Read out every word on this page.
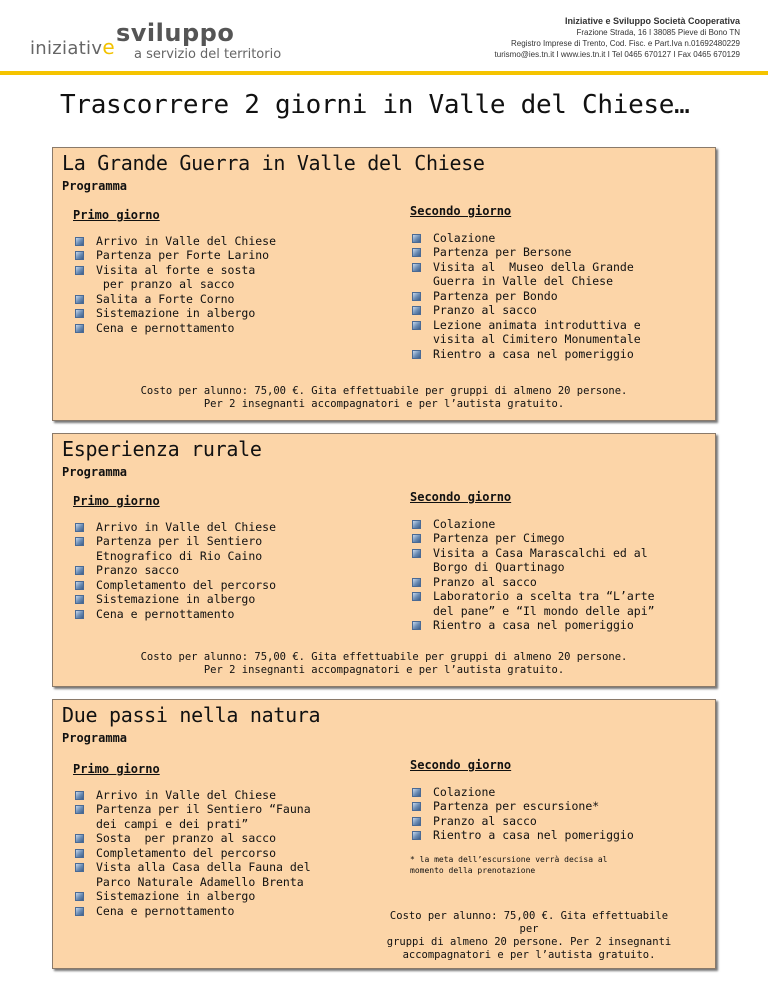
iniziative sviluppo
a servizio del territorio
Iniziative e Sviluppo Società Cooperativa
Frazione Strada, 16 I 38085 Pieve di Bono TN
Registro Imprese di Trento, Cod. Fisc. e Part.Iva n.01692480229
turismo@ies.tn.it I www.ies.tn.it I Tel 0465 670127 I Fax 0465 670129
Trascorrere 2 giorni in Valle del Chiese…
La Grande Guerra in Valle del Chiese
Programma
Primo giorno
Arrivo in Valle del Chiese
Partenza per Forte Larino
Visita al forte e sosta
per pranzo al sacco
Salita a Forte Corno
Sistemazione in albergo
Cena e pernottamento
Secondo giorno
Colazione
Partenza per Bersone
Visita al  Museo della Grande
Guerra in Valle del Chiese
Partenza per Bondo
Pranzo al sacco
Lezione animata introduttiva e
visita al Cimitero Monumentale
Rientro a casa nel pomeriggio
Costo per alunno: 75,00 €. Gita effettuabile per gruppi di almeno 20 persone.
Per 2 insegnanti accompagnatori e per l’autista gratuito.
Esperienza rurale
Programma
Primo giorno
Arrivo in Valle del Chiese
Partenza per il Sentiero
Etnografico di Rio Caino
Pranzo sacco
Completamento del percorso
Sistemazione in albergo
Cena e pernottamento
Secondo giorno
Colazione
Partenza per Cimego
Visita a Casa Marascalchi ed al
Borgo di Quartinago
Pranzo al sacco
Laboratorio a scelta tra “L’arte
del pane” e “Il mondo delle api”
Rientro a casa nel pomeriggio
Costo per alunno: 75,00 €. Gita effettuabile per gruppi di almeno 20 persone.
Per 2 insegnanti accompagnatori e per l’autista gratuito.
Due passi nella natura
Programma
Primo giorno
Arrivo in Valle del Chiese
Partenza per il Sentiero “Fauna
dei campi e dei prati”
Sosta  per pranzo al sacco
Completamento del percorso
Vista alla Casa della Fauna del
Parco Naturale Adamello Brenta
Sistemazione in albergo
Cena e pernottamento
Secondo giorno
Colazione
Partenza per escursione*
Pranzo al sacco
Rientro a casa nel pomeriggio
* la meta dell’escursione verrà decisa al
momento della prenotazione
Costo per alunno: 75,00 €. Gita effettuabile per
gruppi di almeno 20 persone. Per 2 insegnanti
accompagnatori e per l’autista gratuito.
